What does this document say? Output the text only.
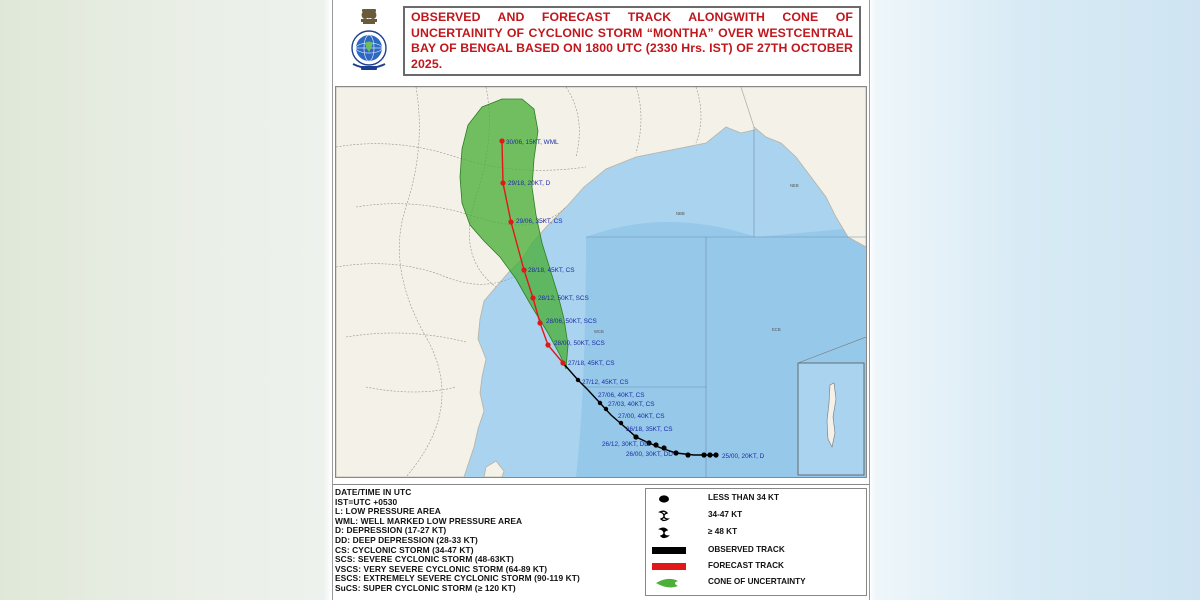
OBSERVED AND FORECAST TRACK ALONGWITH CONE OF UNCERTAINITY OF CYCLONIC STORM “MONTHA” OVER WESTCENTRAL BAY OF BENGAL BASED ON 1800 UTC (2330 Hrs. IST) OF 27TH OCTOBER 2025.
NBB
WCB	ECB
NEB
30/06, 15KT, WML
29/18, 20KT, D
29/06, 35KT, CS
28/18, 45KT, CS
28/12, 50KT, SCS
28/06, 50KT, SCS
28/00, 50KT, SCS
27/18, 45KT, CS
27/12, 45KT, CS
27/06, 40KT, CS
27/03, 40KT, CS
27/00, 40KT, CS
26/18, 35KT, CS
26/12, 30KT, DD
26/00, 30KT, DD	25/00, 20KT, D
DATE/TIME IN UTC
IST=UTC +0530
L: LOW PRESSURE AREA
WML: WELL MARKED LOW PRESSURE AREA
D: DEPRESSION (17-27 KT)
DD: DEEP DEPRESSION (28-33 KT)
CS: CYCLONIC STORM (34-47 KT)
SCS: SEVERE CYCLONIC STORM (48-63KT)
VSCS: VERY SEVERE CYCLONIC STORM (64-89 KT)
ESCS: EXTREMELY SEVERE CYCLONIC STORM (90-119 KT)
SuCS: SUPER CYCLONIC STORM (≥ 120 KT)
LESS THAN 34 KT
34-47 KT
≥ 48 KT
OBSERVED TRACK
FORECAST TRACK
CONE OF UNCERTAINTY
